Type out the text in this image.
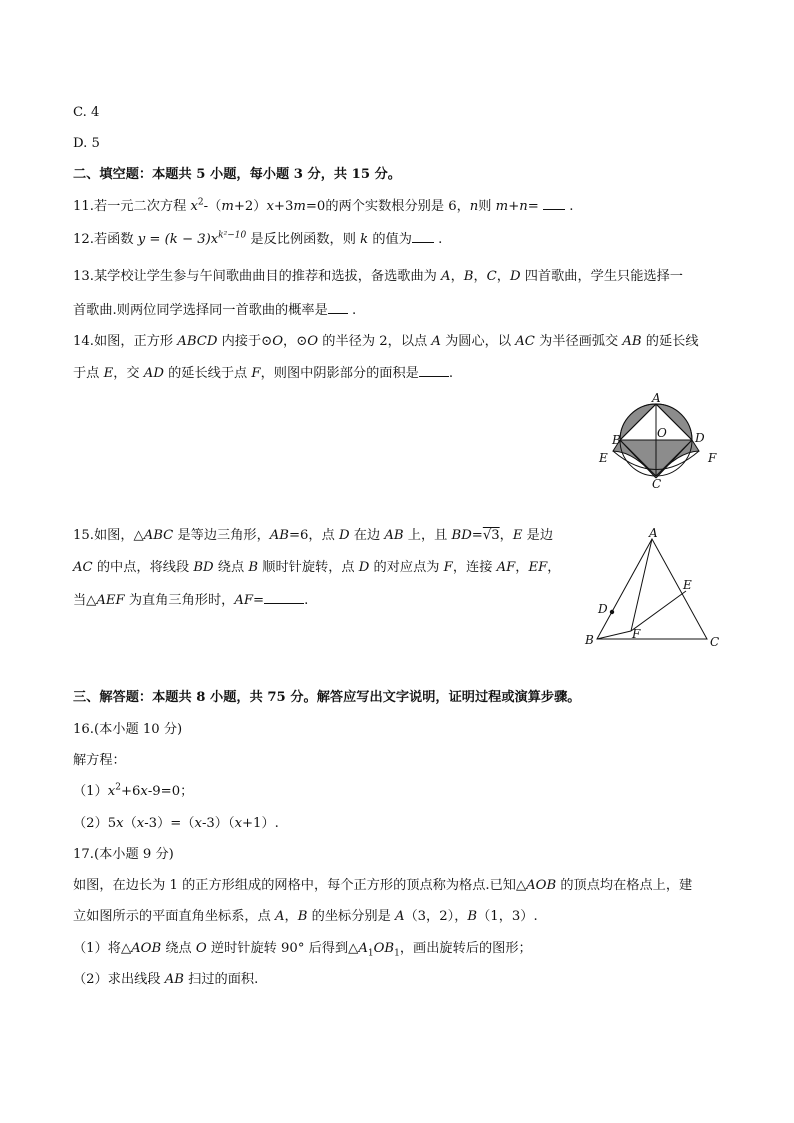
C. 4
D. 5
二、填空题：本题共 5 小题，每小题 3 分，共 15 分。
11.若一元二次方程 $x^2-(m+2)x+3m=0$的两个实数根分别是 6，n则 m+n=  .
12.若函数 $y = (k - 3)x^{k^2-10}$ 是反比例函数，则 k 的值为 .
13.某学校让学生参与午间歌曲曲目的推荐和选拔，备选歌曲为 A，B，C，D 四首歌曲，学生只能选择一
首歌曲.则两位同学选择同一首歌曲的概率是 .
14.如图，正方形 ABCD 内接于⊙O，⊙O 的半径为 2，以点 A 为圆心，以 AC 为半径画弧交 AB 的延长线
于点 E，交 AD 的延长线于点 F，则图中阴影部分的面积是 .
A
B
C
D
E	F
O
15.如图，△ABC 是等边三角形，AB=6，点 D 在边 AB 上，且 BD=√3，E 是边
AC 的中点，将线段 BD 绕点 B 顺时针旋转，点 D 的对应点为 F，连接 AF，EF，
当△AEF 为直角三角形时，AF=	.
A
B	C
D
E
F
三、解答题：本题共 8 小题，共 75 分。解答应写出文字说明，证明过程或演算步骤。
16.(本小题 10 分)
解方程：
$(1)x^2+6x-9=0$；
（2）5x（x-3）=（x-3）（x+1）.
17.(本小题 9 分)
如图，在边长为 1 的正方形组成的网格中，每个正方形的顶点称为格点.已知△AOB 的顶点均在格点上，建
立如图所示的平面直角坐标系，点 A，B 的坐标分别是 A（3，2），B（1，3）.
（1）将△AOB 绕点 O 逆时针旋转 90° 后得到$\triangle A_1OB_1$，画出旋转后的图形；
（2）求出线段 AB 扫过的面积.
